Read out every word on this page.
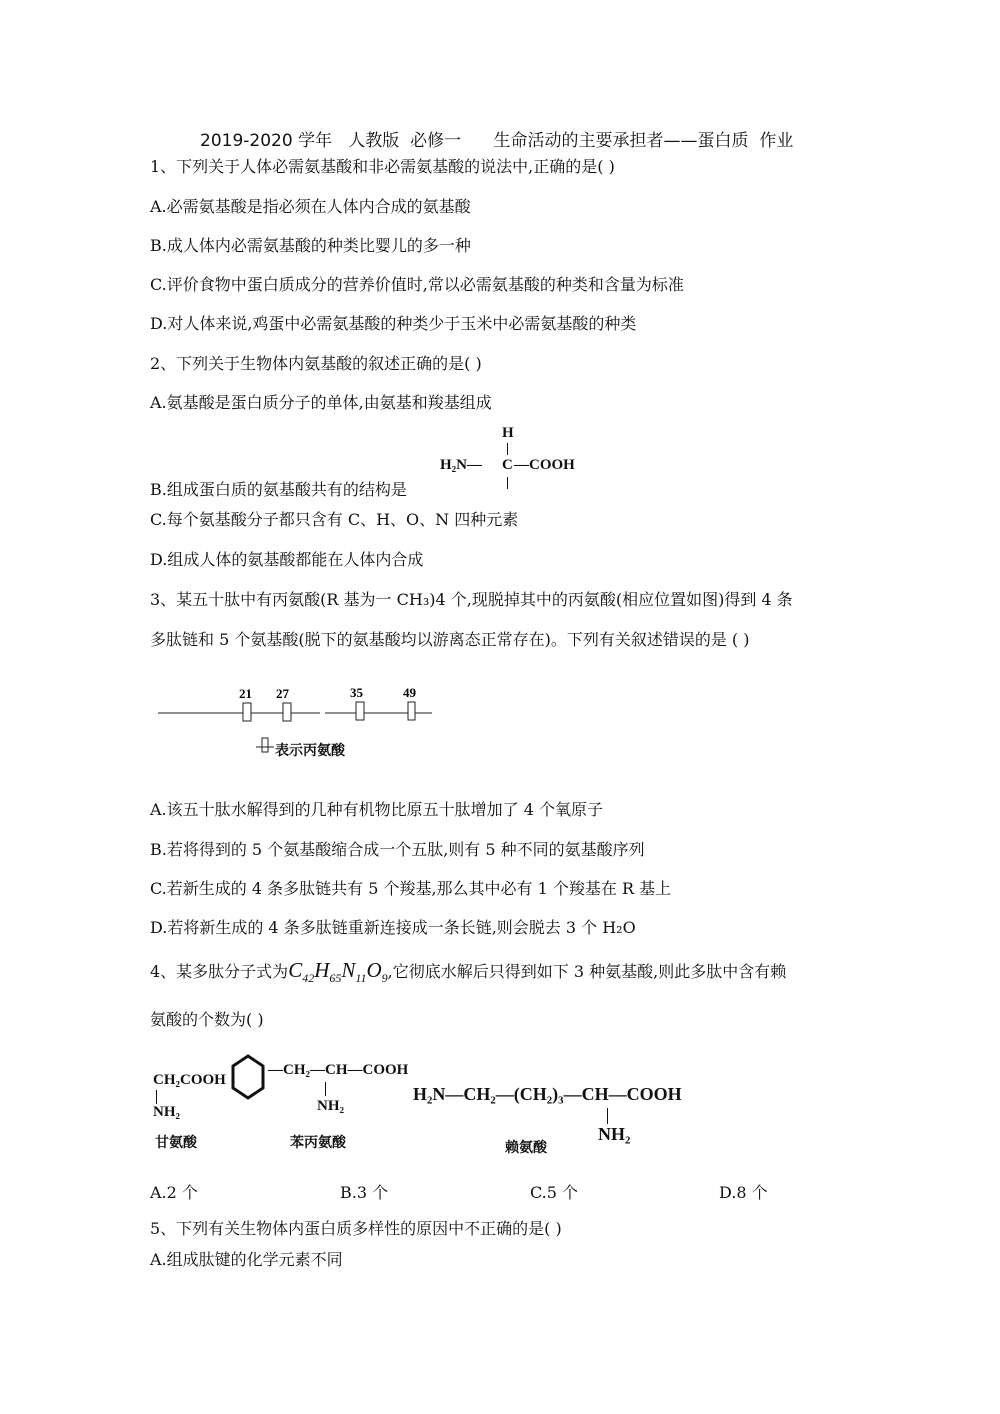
2019-2020 学年   人教版  必修一      生命活动的主要承担者——蛋白质  作业
1、下列关于人体必需氨基酸和非必需氨基酸的说法中,正确的是( )
A.必需氨基酸是指必须在人体内合成的氨基酸
B.成人体内必需氨基酸的种类比婴儿的多一种
C.评价食物中蛋白质成分的营养价值时,常以必需氨基酸的种类和含量为标准
D.对人体来说,鸡蛋中必需氨基酸的种类少于玉米中必需氨基酸的种类
2、下列关于生物体内氨基酸的叙述正确的是( )
A.氨基酸是蛋白质分子的单体,由氨基和羧基组成
B.组成蛋白质的氨基酸共有的结构是
H
H₂N— C —COOH
C.每个氨基酸分子都只含有 C、H、O、N 四种元素
D.组成人体的氨基酸都能在人体内合成
3、某五十肽中有丙氨酸(R 基为一 CH₃)4 个,现脱掉其中的丙氨酸(相应位置如图)得到 4 条
多肽链和 5 个氨基酸(脱下的氨基酸均以游离态正常存在)。下列有关叙述错误的是 ( )
21 27	35	49
表示丙氨酸
A.该五十肽水解得到的几种有机物比原五十肽增加了 4 个氧原子
B.若将得到的 5 个氨基酸缩合成一个五肽,则有 5 种不同的氨基酸序列
C.若新生成的 4 条多肽链共有 5 个羧基,那么其中必有 1 个羧基在 R 基上
D.若将新生成的 4 条多肽链重新连接成一条长链,则会脱去 3 个 H₂O
4、某多肽分子式为$C_{42}H_{65}N_{11}O_9$,它彻底水解后只得到如下 3 种氨基酸,则此多肽中含有赖
氨酸的个数为( )
CH₂COOH
NH₂
甘氨酸
—CH₂—CH—COOH
NH₂
苯丙氨酸
H₂N—CH₂—(CH₂)₃—CH—COOH
NH₂
赖氨酸
A.2 个	B.3 个	C.5 个	D.8 个
5、下列有关生物体内蛋白质多样性的原因中不正确的是( )
A.组成肽键的化学元素不同
